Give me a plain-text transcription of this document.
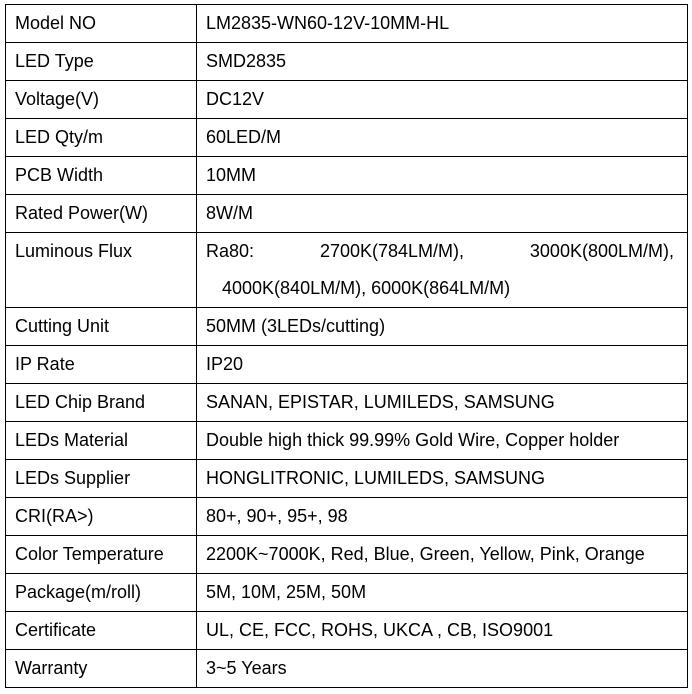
Model NO	LM2835-WN60-12V-10MM-HL
LED Type	SMD2835
Voltage(V)	DC12V
LED Qty/m	60LED/M
PCB Width	10MM
Rated Power(W)	8W/M
Luminous Flux	Ra80: 2700K(784LM/M), 3000K(800LM/M),
4000K(840LM/M), 6000K(864LM/M)

Cutting Unit	50MM (3LEDs/cutting)
IP Rate	IP20
LED Chip Brand	SANAN, EPISTAR, LUMILEDS, SAMSUNG
LEDs Material	Double high thick 99.99% Gold Wire, Copper holder
LEDs Supplier	HONGLITRONIC, LUMILEDS, SAMSUNG
CRI(RA>)	80+, 90+, 95+, 98
Color Temperature	2200K~7000K, Red, Blue, Green, Yellow, Pink, Orange
Package(m/roll)	5M, 10M, 25M, 50M
Certificate	UL, CE, FCC, ROHS, UKCA , CB, ISO9001
Warranty	3~5 Years
